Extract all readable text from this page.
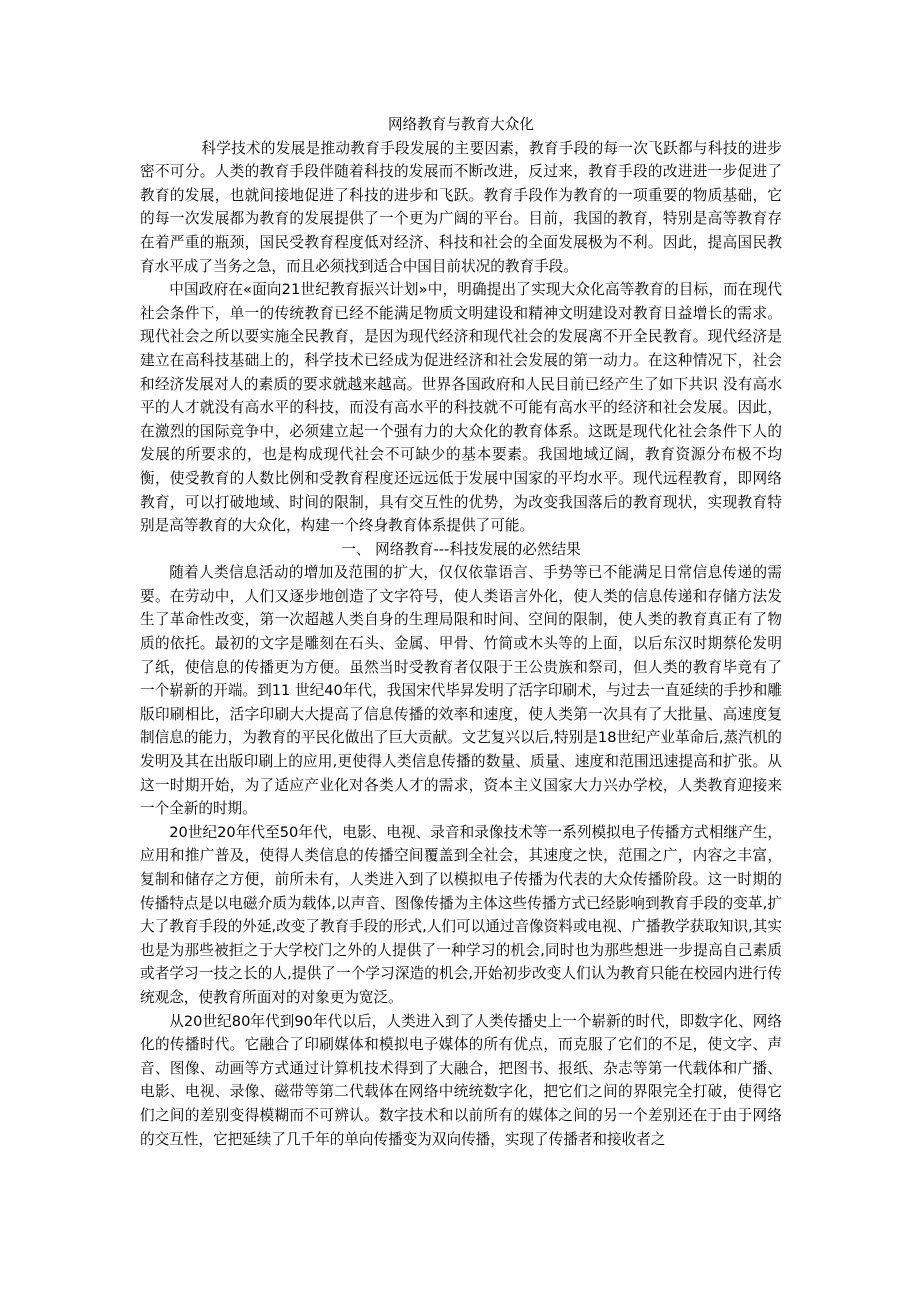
网络教育与教育大众化

科学技术的发展是推动教育手段发展的主要因素，教育手段的每一次飞跃都与科技的进步密不可分。人类的教育手段伴随着科技的发展而不断改进，反过来，教育手段的改进进一步促进了教育的发展，也就间接地促进了科技的进步和飞跃。教育手段作为教育的一项重要的物质基础，它的每一次发展都为教育的发展提供了一个更为广阔的平台。目前，我国的教育，特别是高等教育存在着严重的瓶颈，国民受教育程度低对经济、科技和社会的全面发展极为不利。因此，提高国民教育水平成了当务之急，而且必须找到适合中国目前状况的教育手段。

中国政府在«面向21世纪教育振兴计划»中，明确提出了实现大众化高等教育的目标，而在现代社会条件下，单一的传统教育已经不能满足物质文明建设和精神文明建设对教育日益增长的需求。现代社会之所以要实施全民教育，是因为现代经济和现代社会的发展离不开全民教育。现代经济是建立在高科技基础上的，科学技术已经成为促进经济和社会发展的第一动力。在这种情况下，社会和经济发展对人的素质的要求就越来越高。世界各国政府和人民目前已经产生了如下共识 没有高水平的人才就没有高水平的科技，而没有高水平的科技就不可能有高水平的经济和社会发展。因此，在激烈的国际竞争中，必须建立起一个强有力的大众化的教育体系。这既是现代化社会条件下人的发展的所要求的，也是构成现代社会不可缺少的基本要素。我国地域辽阔，教育资源分布极不均衡，使受教育的人数比例和受教育程度还远远低于发展中国家的平均水平。现代远程教育，即网络教育，可以打破地域、时间的限制，具有交互性的优势，为改变我国落后的教育现状，实现教育特别是高等教育的大众化，构建一个终身教育体系提供了可能。

一、 网络教育---科技发展的必然结果

随着人类信息活动的增加及范围的扩大，仅仅依靠语言、手势等已不能满足日常信息传递的需要。在劳动中，人们又逐步地创造了文字符号，使人类语言外化，使人类的信息传递和存储方法发生了革命性改变，第一次超越人类自身的生理局限和时间、空间的限制，使人类的教育真正有了物质的依托。最初的文字是雕刻在石头、金属、甲骨、竹简或木头等的上面，以后东汉时期蔡伦发明了纸，使信息的传播更为方便。虽然当时受教育者仅限于王公贵族和祭司，但人类的教育毕竟有了一个崭新的开端。到11 世纪40年代，我国宋代毕昇发明了活字印刷术，与过去一直延续的手抄和雕版印刷相比，活字印刷大大提高了信息传播的效率和速度，使人类第一次具有了大批量、高速度复制信息的能力，为教育的平民化做出了巨大贡献。文艺复兴以后,特别是18世纪产业革命后,蒸汽机的发明及其在出版印刷上的应用,更使得人类信息传播的数量、质量、速度和范围迅速提高和扩张。从这一时期开始，为了适应产业化对各类人才的需求，资本主义国家大力兴办学校，人类教育迎接来一个全新的时期。

20世纪20年代至50年代，电影、电视、录音和录像技术等一系列模拟电子传播方式相继产生，应用和推广普及，使得人类信息的传播空间覆盖到全社会，其速度之快，范围之广，内容之丰富，复制和储存之方便，前所未有，人类进入到了以模拟电子传播为代表的大众传播阶段。这一时期的传播特点是以电磁介质为载体,以声音、图像传播为主体这些传播方式已经影响到教育手段的变革,扩大了教育手段的外延,改变了教育手段的形式,人们可以通过音像资料或电视、广播教学获取知识,其实也是为那些被拒之于大学校门之外的人提供了一种学习的机会,同时也为那些想进一步提高自己素质或者学习一技之长的人,提供了一个学习深造的机会,开始初步改变人们认为教育只能在校园内进行传统观念，使教育所面对的对象更为宽泛。

从20世纪80年代到90年代以后，人类进入到了人类传播史上一个崭新的时代，即数字化、网络化的传播时代。它融合了印刷媒体和模拟电子媒体的所有优点，而克服了它们的不足，使文字、声音、图像、动画等方式通过计算机技术得到了大融合，把图书、报纸、杂志等第一代载体和广播、电影、电视、录像、磁带等第二代载体在网络中统统数字化，把它们之间的界限完全打破，使得它们之间的差别变得模糊而不可辨认。数字技术和以前所有的媒体之间的另一个差别还在于由于网络的交互性，它把延续了几千年的单向传播变为双向传播，实现了传播者和接收者之
